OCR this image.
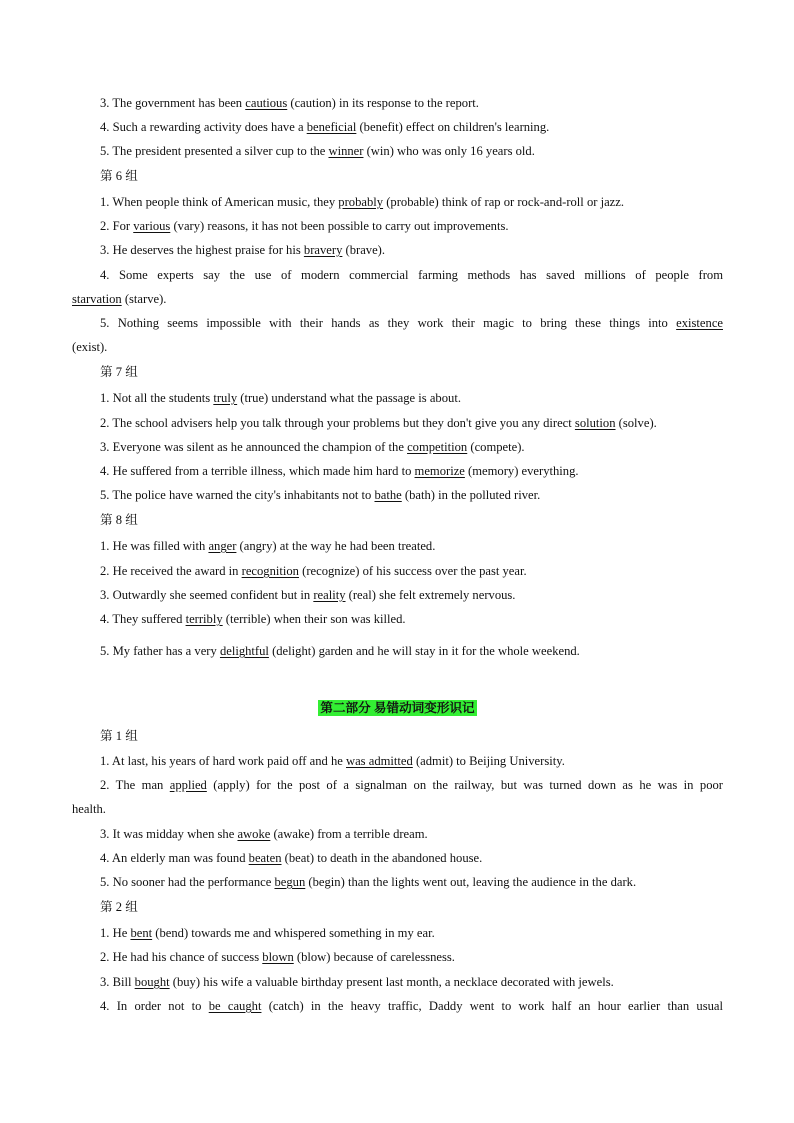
3. The government has been cautious (caution) in its response to the report.
4. Such a rewarding activity does have a beneficial (benefit) effect on children's learning.
5. The president presented a silver cup to the winner (win) who was only 16 years old.
第 6 组
1. When people think of American music, they probably (probable) think of rap or rock-and-roll or jazz.
2. For various (vary) reasons, it has not been possible to carry out improvements.
3. He deserves the highest praise for his bravery (brave).
4. Some experts say the use of modern commercial farming methods has saved millions of people from
starvation (starve).
5. Nothing seems impossible with their hands as they work their magic to bring these things into existence
(exist).
第 7 组
1. Not all the students truly (true) understand what the passage is about.
2. The school advisers help you talk through your problems but they don't give you any direct solution (solve).
3. Everyone was silent as he announced the champion of the competition (compete).
4. He suffered from a terrible illness, which made him hard to memorize (memory) everything.
5. The police have warned the city's inhabitants not to bathe (bath) in the polluted river.
第 8 组
1. He was filled with anger (angry) at the way he had been treated.
2. He received the award in recognition (recognize) of his success over the past year.
3. Outwardly she seemed confident but in reality (real) she felt extremely nervous.
4. They suffered terribly (terrible) when their son was killed.
5. My father has a very delightful (delight) garden and he will stay in it for the whole weekend.
第二部分 易错动词变形识记
第 1 组
1. At last, his years of hard work paid off and he was admitted (admit) to Beijing University.
2. The man applied (apply) for the post of a signalman on the railway, but was turned down as he was in poor
health.
3. It was midday when she awoke (awake) from a terrible dream.
4. An elderly man was found beaten (beat) to death in the abandoned house.
5. No sooner had the performance begun (begin) than the lights went out, leaving the audience in the dark.
第 2 组
1. He bent (bend) towards me and whispered something in my ear.
2. He had his chance of success blown (blow) because of carelessness.
3. Bill bought (buy) his wife a valuable birthday present last month, a necklace decorated with jewels.
4. In order not to be caught (catch) in the heavy traffic, Daddy went to work half an hour earlier than usual
